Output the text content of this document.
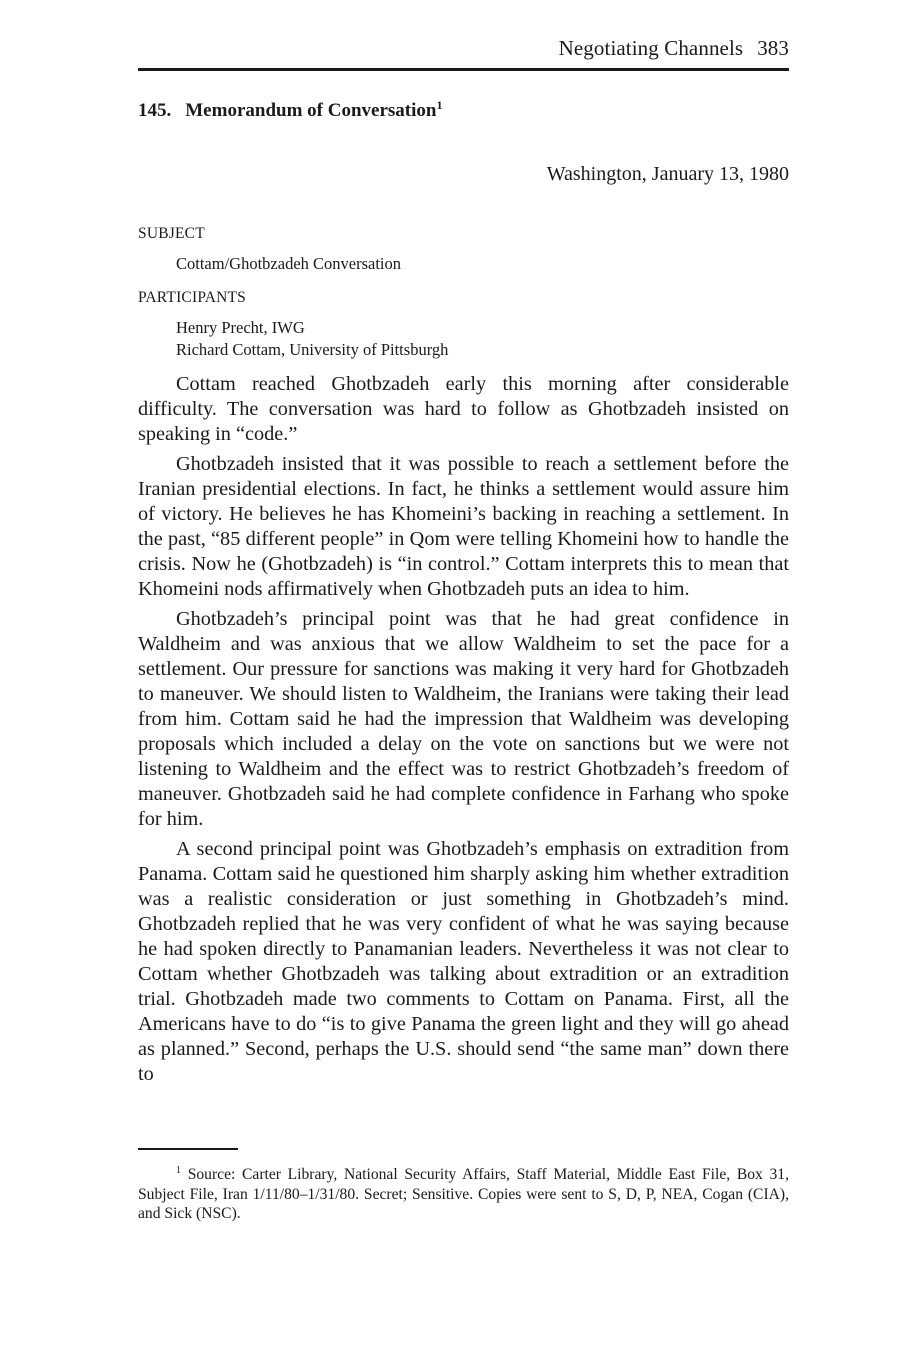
Negotiating Channels 383
145. Memorandum of Conversation$^1$
Washington, January 13, 1980
SUBJECT
Cottam/Ghotbzadeh Conversation
PARTICIPANTS
Henry Precht, IWG
Richard Cottam, University of Pittsburgh

Cottam reached Ghotbzadeh early this morning after considerable difficulty. The conversation was hard to follow as Ghotbzadeh insisted on speaking in “code.”

Ghotbzadeh insisted that it was possible to reach a settlement before the Iranian presidential elections. In fact, he thinks a settlement would assure him of victory. He believes he has Khomeini’s backing in reaching a settlement. In the past, “85 different people” in Qom were telling Khomeini how to handle the crisis. Now he (Ghotbzadeh) is “in control.” Cottam interprets this to mean that Khomeini nods affirmatively when Ghotbzadeh puts an idea to him.

Ghotbzadeh’s principal point was that he had great confidence in Waldheim and was anxious that we allow Waldheim to set the pace for a settlement. Our pressure for sanctions was making it very hard for Ghotbzadeh to maneuver. We should listen to Waldheim, the Iranians were taking their lead from him. Cottam said he had the impression that Waldheim was developing proposals which included a delay on the vote on sanctions but we were not listening to Waldheim and the effect was to restrict Ghotbzadeh’s freedom of maneuver. Ghotbzadeh said he had complete confidence in Farhang who spoke for him.

A second principal point was Ghotbzadeh’s emphasis on extradition from Panama. Cottam said he questioned him sharply asking him whether extradition was a realistic consideration or just something in Ghotbzadeh’s mind. Ghotbzadeh replied that he was very confident of what he was saying because he had spoken directly to Panamanian leaders. Nevertheless it was not clear to Cottam whether Ghotbzadeh was talking about extradition or an extradition trial. Ghotbzadeh made two comments to Cottam on Panama. First, all the Americans have to do “is to give Panama the green light and they will go ahead as planned.” Second, perhaps the U.S. should send “the same man” down there to

$^1$ Source: Carter Library, National Security Affairs, Staff Material, Middle East File, Box 31, Subject File, Iran 1/11/80–1/31/80. Secret; Sensitive. Copies were sent to S, D, P, NEA, Cogan (CIA), and Sick (NSC).
